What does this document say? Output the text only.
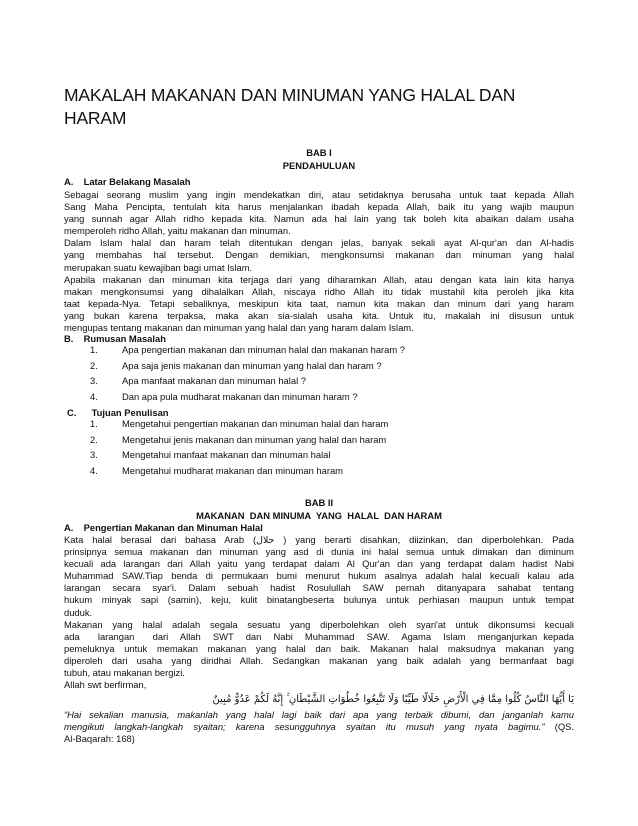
MAKALAH MAKANAN DAN MINUMAN YANG HALAL DAN HARAM
BAB I
PENDAHULUAN
A. Latar Belakang Masalah
Sebagai seorang muslim yang ingin mendekatkan diri, atau setidaknya berusaha untuk taat kepada Allah
Sang Maha Pencipta, tentulah kita harus menjalankan ibadah kepada Allah, baik itu yang wajib maupun
yang sunnah agar Allah ridho kepada kita. Namun ada hal lain yang tak boleh kita abaikan dalam usaha
memperoleh ridho Allah, yaitu makanan dan minuman.
Dalam Islam halal dan haram telah ditentukan dengan jelas, banyak sekali ayat Al-qur'an dan Al-hadis
yang membahas hal tersebut. Dengan demikian, mengkonsumsi makanan dan minuman yang halal
merupakan suatu kewajiban bagi umat Islam.
Apabila makanan dan minuman kita terjaga dari yang diharamkan Allah, atau dengan kata lain kita hanya
makan mengkonsumsi yang dihalalkan Allah, niscaya ridho Allah itu tidak mustahil kita peroleh jika kita
taat kepada-Nya. Tetapi sebaliknya, meskipun kita taat, namun kita makan dan minum dari yang haram
yang bukan karena terpaksa, maka akan sia-sialah usaha kita. Untuk itu, makalah ini disusun untuk
mengupas tentang makanan dan minuman yang halal dan yang haram dalam Islam.
B. Rumusan Masalah
1.	Apa pengertian makanan dan minuman halal dan makanan haram ?
2.	Apa saja jenis makanan dan minuman yang halal dan haram ?
3.	Apa manfaat makanan dan minuman halal ?
4.	Dan apa pula mudharat makanan dan minuman haram ?
C. Tujuan Penulisan
1.	Mengetahui pengertian makanan dan minuman halal dan haram
2.	Mengetahui jenis makanan dan minuman yang halal dan haram
3.	Mengetahui manfaat makanan dan minuman halal
4.	Mengetahui mudharat makanan dan minuman haram
BAB II
MAKANAN  DAN MINUMA  YANG  HALAL  DAN HARAM
A. Pengertian Makanan dan Minuman Halal
Kata halal berasal dari bahasa Arab (حلال ) yang berarti disahkan, diizinkan, dan diperbolehkan. Pada
prinsipnya semua makanan dan minuman yang asd di dunia ini halal semua untuk dimakan dan diminum
kecuali ada larangan dari Allah yaitu yang terdapat dalam Al Qur'an dan yang terdapat dalam hadist Nabi
Muhammad SAW.Tiap benda di permukaan bumi menurut hukum asalnya adalah halal kecuali kalau ada
larangan secara syar'i. Dalam sebuah hadist Rosulullah SAW pernah ditanyapara sahabat tentang
hukum minyak sapi (samin), keju, kulit binatangbeserta bulunya untuk perhiasan maupun untuk tempat
duduk.
Makanan yang halal adalah segala sesuatu yang diperbolehkan oleh syari'at untuk dikonsumsi kecuali
ada   larangan   dari  Allah  SWT  dan  Nabi  Muhammad  SAW.  Agama  Islam  menganjurkan kepada
pemeluknya untuk memakan makanan yang halal dan baik. Makanan halal maksudnya makanan yang
diperoleh dari usaha yang diridhai Allah. Sedangkan makanan yang baik adalah yang bermanfaat bagi
tubuh, atau makanan bergizi.
Allah swt berfirman,
يَا أَيُّهَا النَّاسُ كُلُوا مِمَّا فِي الْأَرْضِ حَلَالًا طَيِّبًا وَلَا تَتَّبِعُوا خُطُوَاتِ الشَّيْطَانِ ۚ إِنَّهُ لَكُمْ عَدُوٌّ مُبِينٌ
“Hai sekalian manusia, makanlah yang halal lagi baik dari apa yang terbaik dibumi, dan janganlah kamu
mengikuti langkah-langkah syaitan; karena sesungguhnya syaitan itu musuh yang nyata bagimu.” (QS.
Al-Baqarah: 168)
